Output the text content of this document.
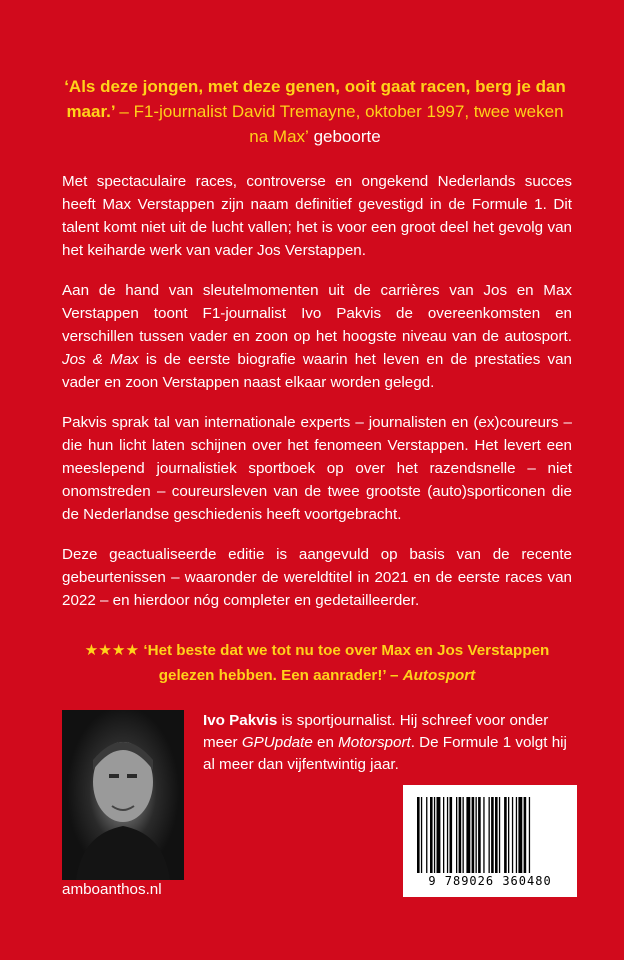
‘Als deze jongen, met deze genen, ooit gaat racen, berg je dan maar.’ – F1-journalist David Tremayne, oktober 1997, twee weken na Max’ geboorte

Met spectaculaire races, controverse en ongekend Nederlands succes heeft Max Verstappen zijn naam definitief gevestigd in de Formule 1. Dit talent komt niet uit de lucht vallen; het is voor een groot deel het gevolg van het keiharde werk van vader Jos Verstappen.

Aan de hand van sleutelmomenten uit de carrières van Jos en Max Verstappen toont F1-journalist Ivo Pakvis de overeenkomsten en verschillen tussen vader en zoon op het hoogste niveau van de autosport. Jos & Max is de eerste biografie waarin het leven en de prestaties van vader en zoon Verstappen naast elkaar worden gelegd.

Pakvis sprak tal van internationale experts – journalisten en (ex)coureurs – die hun licht laten schijnen over het fenomeen Verstappen. Het levert een meeslepend journalistiek sportboek op over het razendsnelle – niet onomstreden – coureursleven van de twee grootste (auto)sporticonen die de Nederlandse geschiedenis heeft voortgebracht.

Deze geactualiseerde editie is aangevuld op basis van de recente gebeurtenissen – waaronder de wereldtitel in 2021 en de eerste races van 2022 – en hierdoor nóg completer en gedetailleerder.

★★★★ ‘Het beste dat we tot nu toe over Max en Jos Verstappen gelezen hebben. Een aanrader!’ – Autosport
Ivo Pakvis is sportjournalist. Hij schreef voor onder meer GPUpdate en Motorsport. De Formule 1 volgt hij al meer dan vijfentwintig jaar.
9 789026 360480
amboanthos.nl
